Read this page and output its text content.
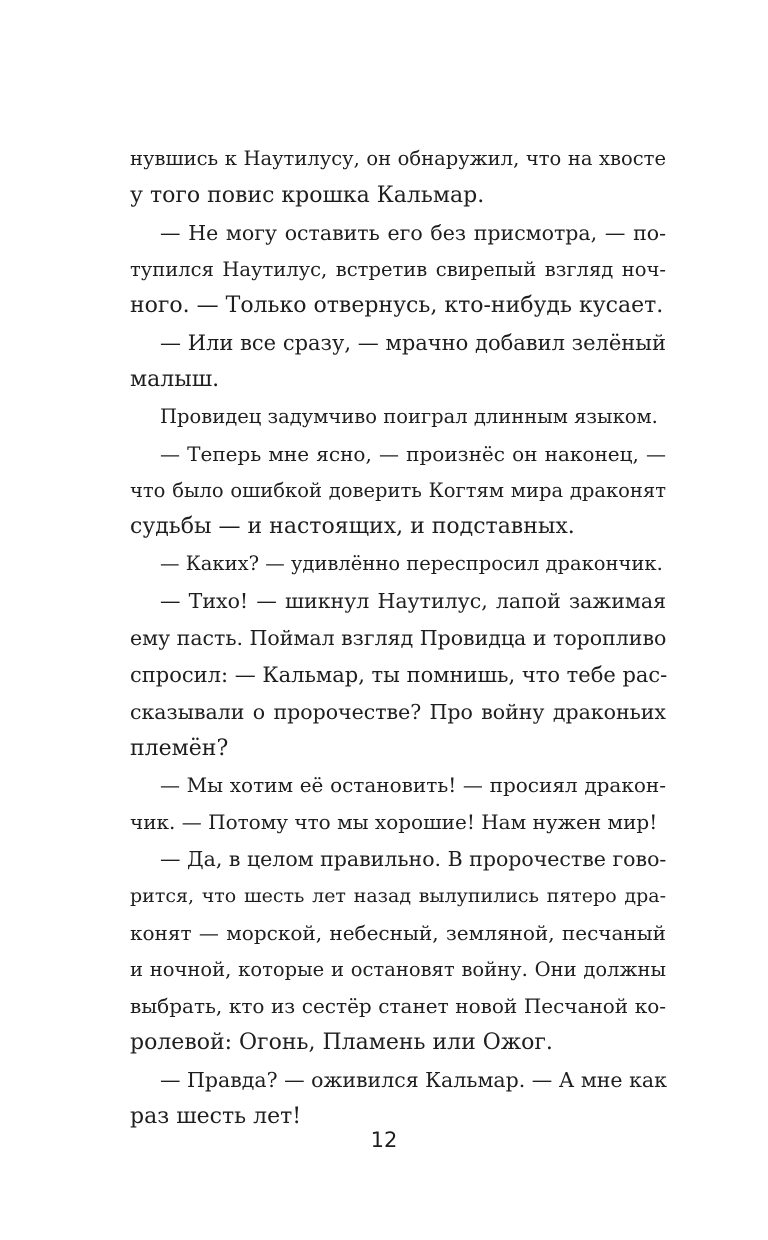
нувшись к Наутилусу, он обнаружил, что на хвосте
у того повис крошка Кальмар.
— Не могу оставить его без присмотра, — по-
тупился Наутилус, встретив свирепый взгляд ноч-
ного. — Только отвернусь, кто-нибудь кусает.
— Или все сразу, — мрачно добавил зелёный
малыш.
Провидец задумчиво поиграл длинным языком.
— Теперь мне ясно, — произнёс он наконец, —
что было ошибкой доверить Когтям мира драконят
судьбы — и настоящих, и подставных.
— Каких? — удивлённо переспросил дракончик.
— Тихо! — шикнул Наутилус, лапой зажимая
ему пасть. Поймал взгляд Провидца и торопливо
спросил: — Кальмар, ты помнишь, что тебе рас-
сказывали о пророчестве? Про войну драконьих
племён?
— Мы хотим её остановить! — просиял дракон-
чик. — Потому что мы хорошие! Нам нужен мир!
— Да, в целом правильно. В пророчестве гово-
рится, что шесть лет назад вылупились пятеро дра-
конят — морской, небесный, земляной, песчаный
и ночной, которые и остановят войну. Они должны
выбрать, кто из сестёр станет новой Песчаной ко-
ролевой: Огонь, Пламень или Ожог.
— Правда? — оживился Кальмар. — А мне как
раз шесть лет!
12
